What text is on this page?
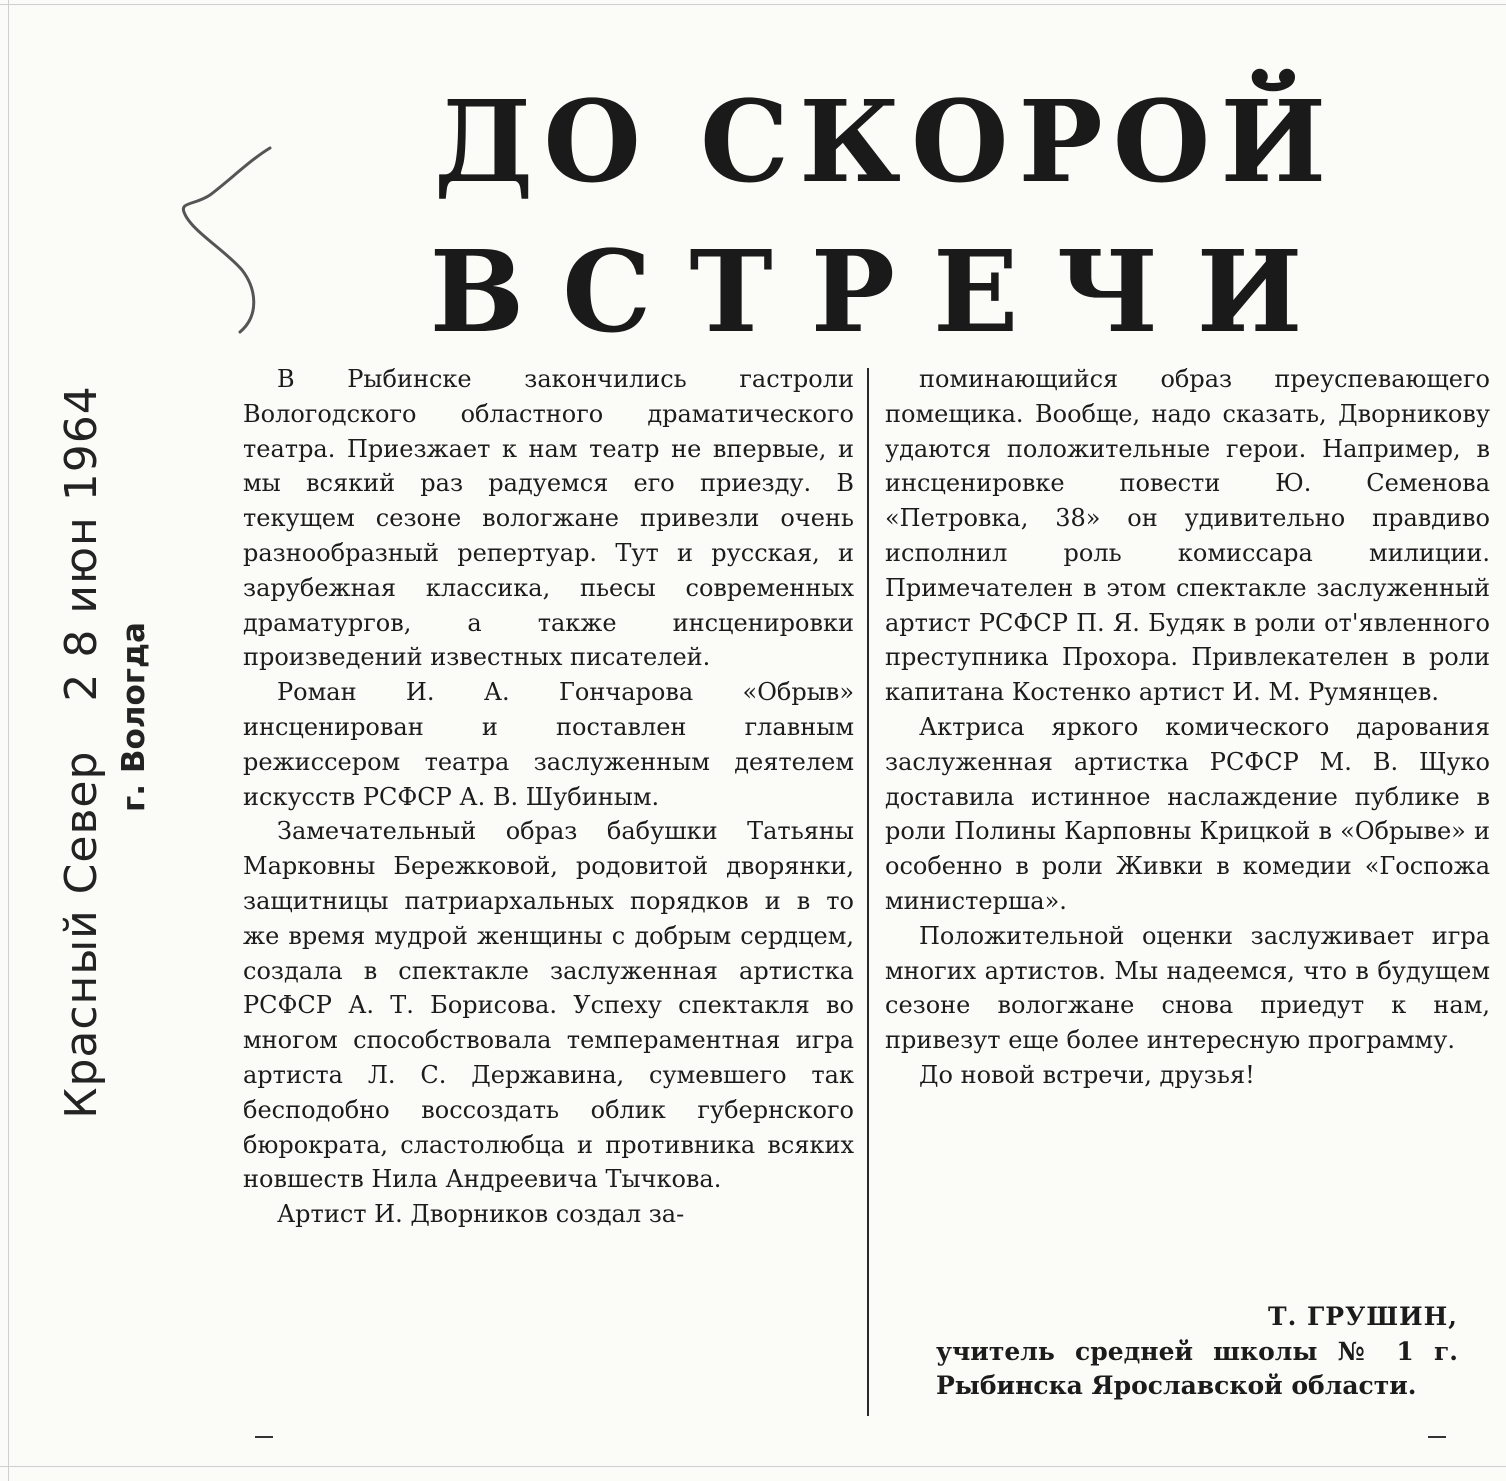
Красный Север 2 8 июн 1964
г. Вологда
ДО СКОРОЙ
ВСТРЕЧИ

В Рыбинске закончились гастроли Вологодского областного драматического театра. Приезжает к нам театр не впервые, и мы всякий раз радуемся его приезду. В текущем сезоне вологжане привезли очень разнообразный репертуар. Тут и русская, и зарубежная классика, пьесы современных драматургов, а также инсценировки произведений известных писателей.

Роман И. А. Гончарова «Обрыв» инсценирован и поставлен главным режиссером театра заслуженным деятелем искусств РСФСР А. В. Шубиным.

Замечательный образ бабушки Татьяны Марковны Бережковой, родовитой дворянки, защитницы патриархальных порядков и в то же время мудрой женщины с добрым сердцем, создала в спектакле заслуженная артистка РСФСР А. Т. Борисова. Успеху спектакля во многом способствовала темпераментная игра артиста Л. С. Державина, сумевшего так бесподобно воссоздать облик губернского бюрократа, сластолюбца и противника всяких новшеств Нила Андреевича Тычкова.

Артист И. Дворников создал за-

поминающийся образ преуспевающего помещика. Вообще, надо сказать, Дворникову удаются положительные герои. Например, в инсценировке повести Ю. Семенова «Петровка, 38» он удивительно правдиво исполнил роль комиссара милиции. Примечателен в этом спектакле заслуженный артист РСФСР П. Я. Будяк в роли от'явленного преступника Прохора. Привлекателен в роли капитана Костенко артист И. М. Румянцев.

Актриса яркого комического дарования заслуженная артистка РСФСР М. В. Щуко доставила истинное наслаждение публике в роли Полины Карповны Крицкой в «Обрыве» и особенно в роли Живки в комедии «Госпожа министерша».

Положительной оценки заслуживает игра многих артистов. Мы надеемся, что в будущем сезоне вологжане снова приедут к нам, привезут еще более интересную программу.

До новой встречи, друзья!

Т. ГРУШИН,
учитель средней школы № 1 г. Рыбинска Ярославской области.
